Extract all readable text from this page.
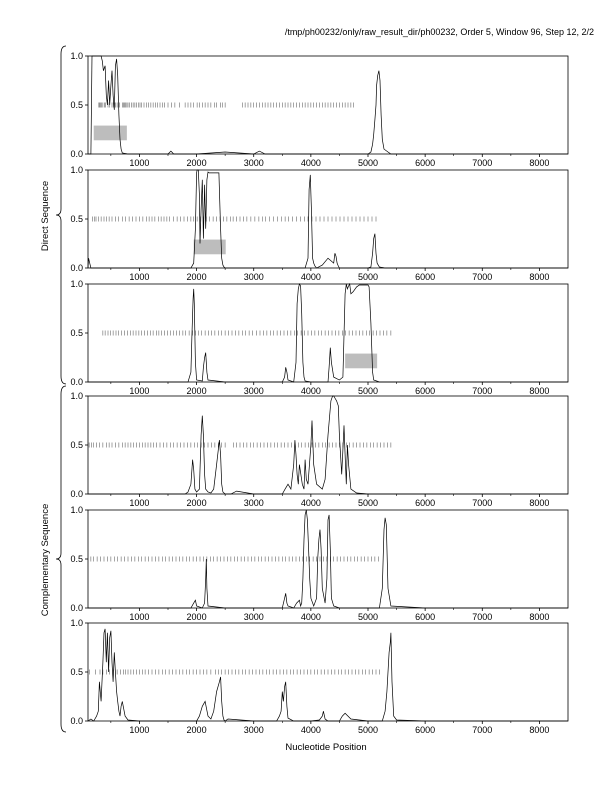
/tmp/ph00232/only/raw_result_dir/ph00232, Order 5, Window 96, Step 12, 2/2
0.0
0.5
1.0
1000	2000	3000	4000	5000	6000	7000	8000
0.0
0.5
1.0
1000	2000	3000	4000	5000	6000	7000	8000
0.0
0.5
1.0
1000	2000	3000	4000	5000	6000	7000	8000
0.0
0.5
1.0
1000	2000	3000	4000	5000	6000	7000	8000
0.0
0.5
1.0
1000	2000	3000	4000	5000	6000	7000	8000
0.0
0.5
1.0
1000	2000	3000	4000	5000	6000	7000	8000
Direct Sequence
Complementary Sequence
Nucleotide Position
